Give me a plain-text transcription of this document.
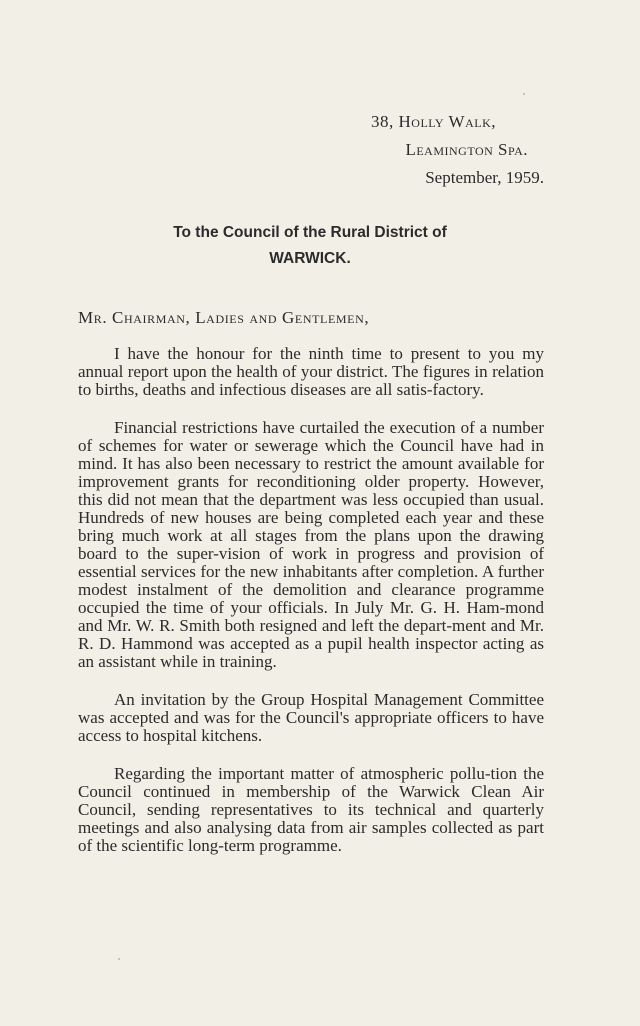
38, Holly Walk,
Leamington Spa.
September, 1959.
To the Council of the Rural District of
WARWICK.
Mr. Chairman, Ladies and Gentlemen,

I have the honour for the ninth time to present to you my annual report upon the health of your district. The figures in relation to births, deaths and infectious diseases are all satis-factory.

Financial restrictions have curtailed the execution of a number of schemes for water or sewerage which the Council have had in mind. It has also been necessary to restrict the amount available for improvement grants for reconditioning older property. However, this did not mean that the department was less occupied than usual. Hundreds of new houses are being completed each year and these bring much work at all stages from the plans upon the drawing board to the super-vision of work in progress and provision of essential services for the new inhabitants after completion. A further modest instalment of the demolition and clearance programme occupied the time of your officials. In July Mr. G. H. Ham-mond and Mr. W. R. Smith both resigned and left the depart-ment and Mr. R. D. Hammond was accepted as a pupil health inspector acting as an assistant while in training.

An invitation by the Group Hospital Management Committee was accepted and was for the Council's appropriate officers to have access to hospital kitchens.

Regarding the important matter of atmospheric pollu-tion the Council continued in membership of the Warwick Clean Air Council, sending representatives to its technical and quarterly meetings and also analysing data from air samples collected as part of the scientific long-term programme.
